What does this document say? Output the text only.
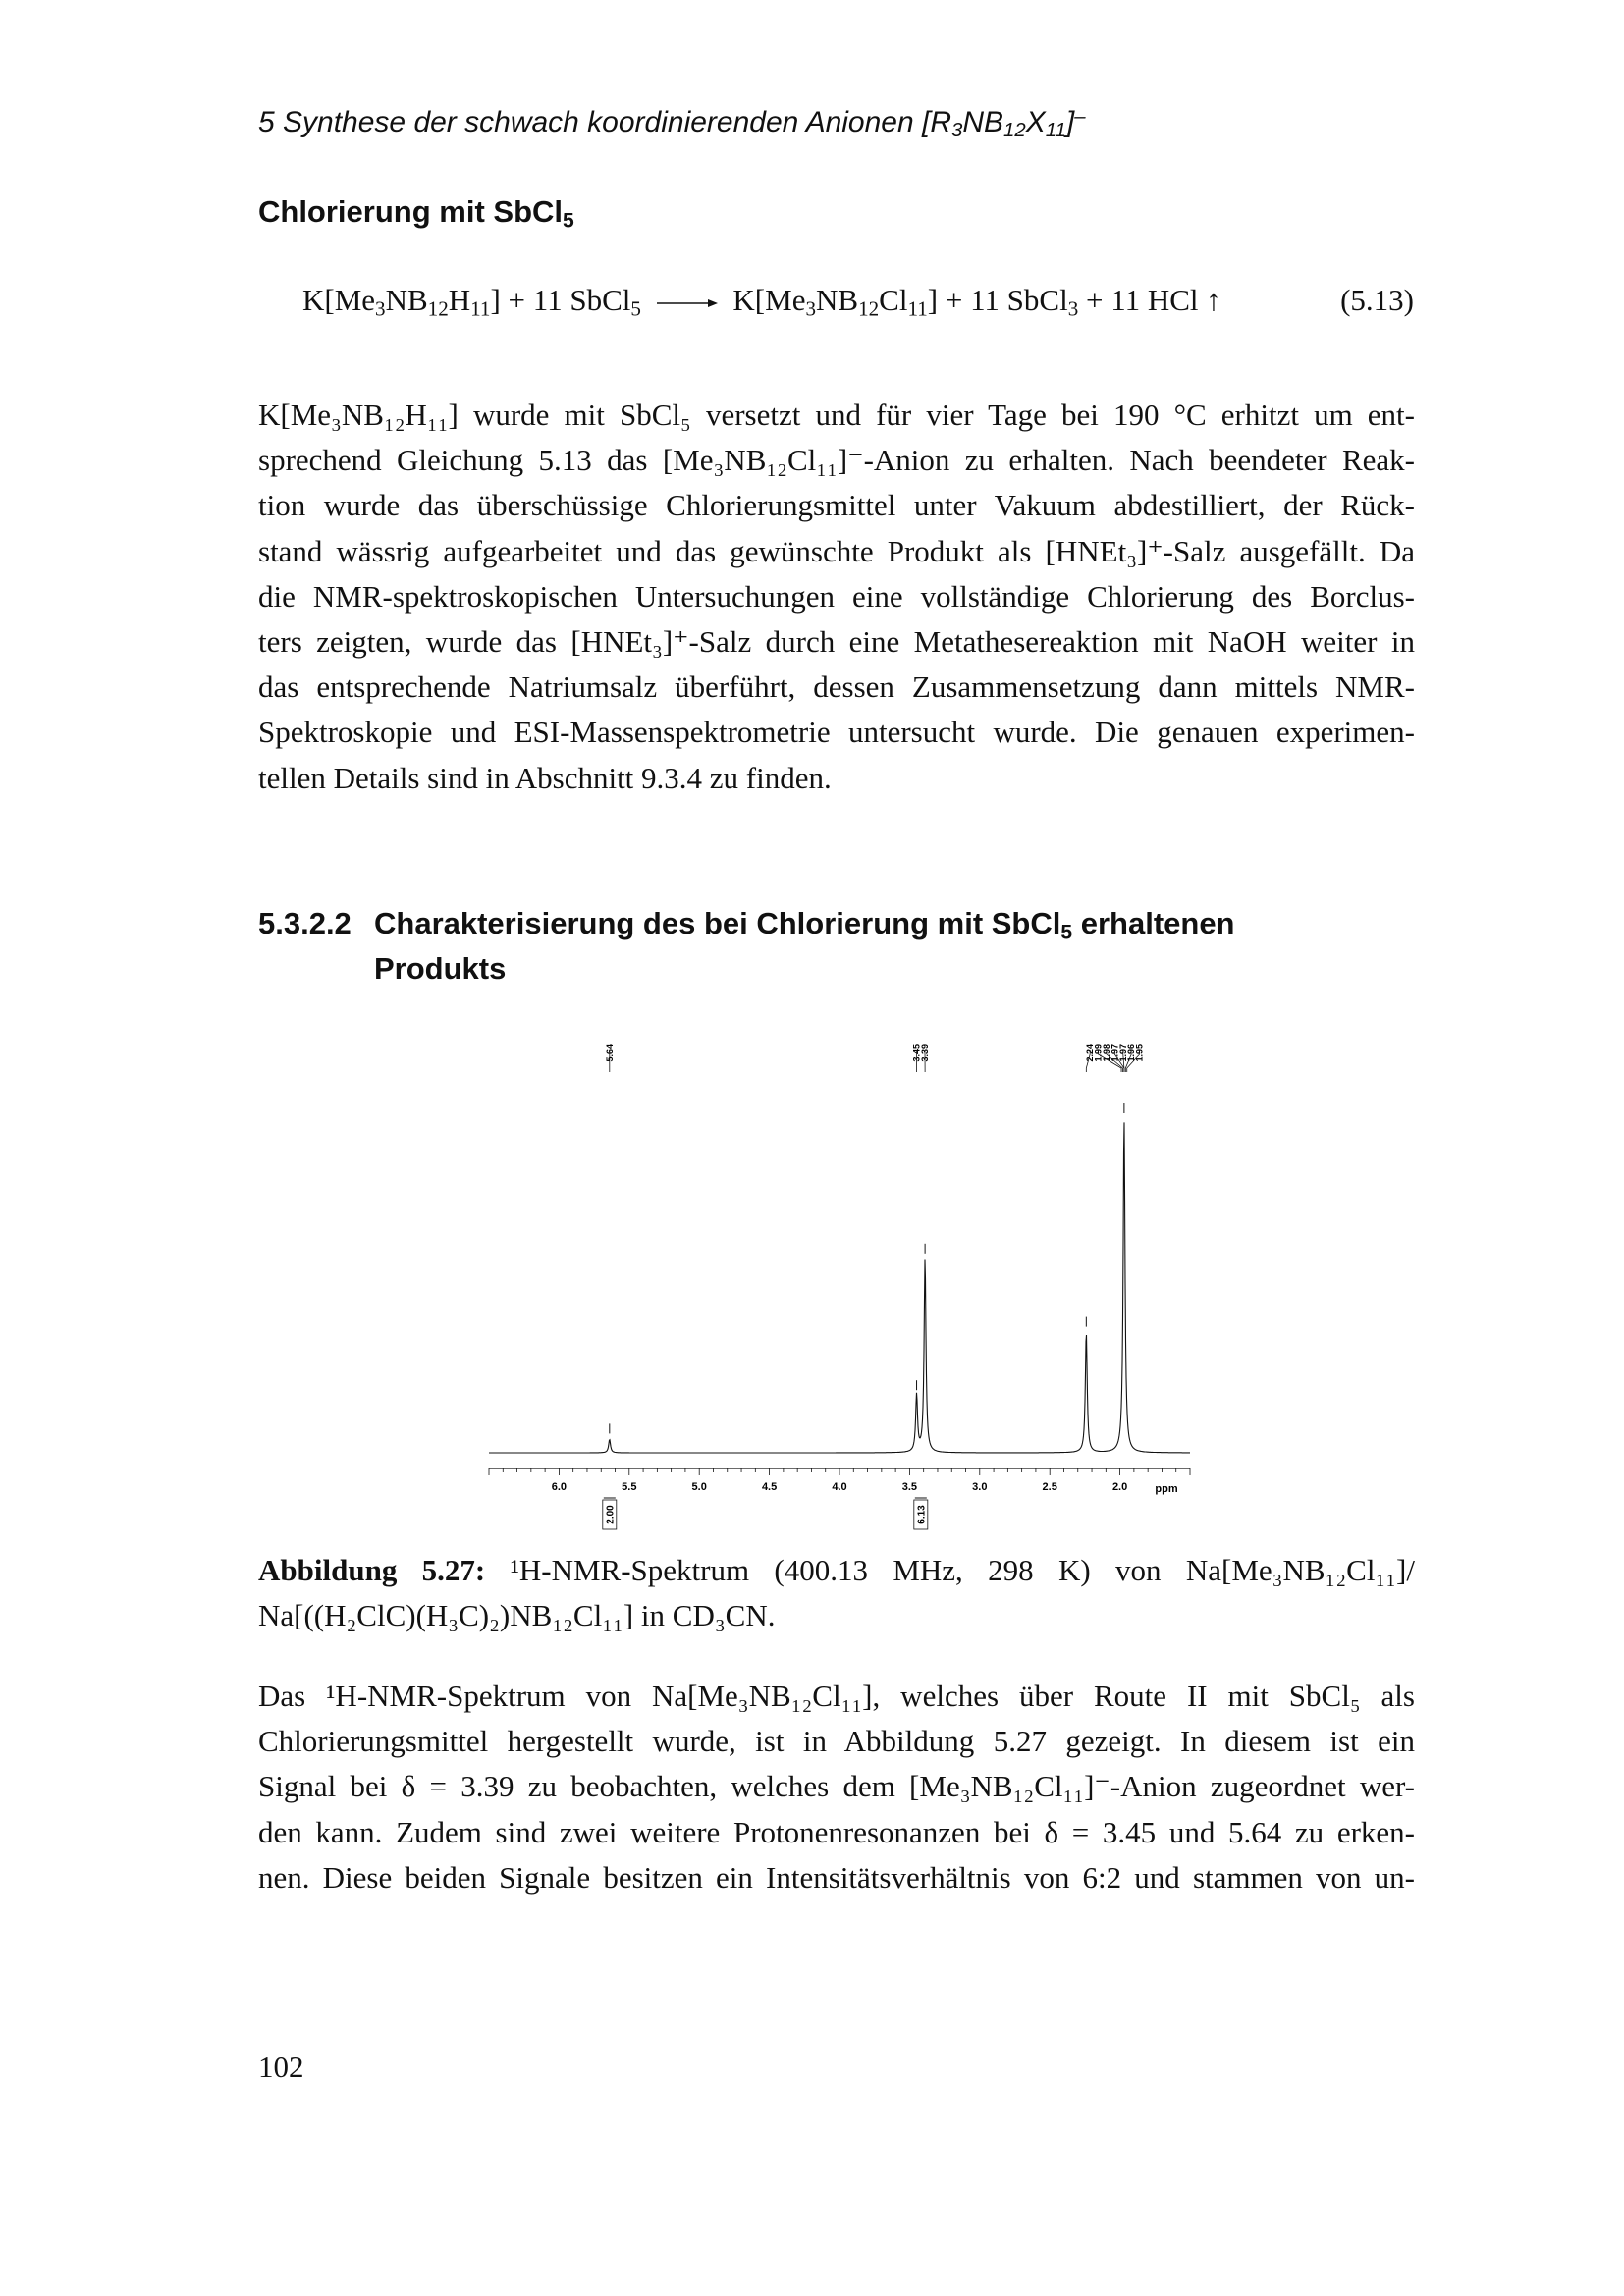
5 Synthese der schwach koordinierenden Anionen $[R_3NB_{12}X_{11}]^-$
Chlorierung mit SbCl$_5$
$K[Me_3NB_{12}H_{11}] + 11$ SbCl$_5$ → $K[Me_3NB_{12}Cl_{11}] + 11$ SbCl$_3$ + 11 HCl ↑	(5.13)
K[Me₃NB₁₂H₁₁] wurde mit SbCl₅ versetzt und für vier Tage bei 190 °C erhitzt um ent-
sprechend Gleichung 5.13 das [Me₃NB₁₂Cl₁₁]⁻-Anion zu erhalten. Nach beendeter Reak-
tion wurde das überschüssige Chlorierungsmittel unter Vakuum abdestilliert, der Rück-
stand wässrig aufgearbeitet und das gewünschte Produkt als [HNEt₃]⁺-Salz ausgefällt. Da
die NMR-spektroskopischen Untersuchungen eine vollständige Chlorierung des Borclus-
ters zeigten, wurde das [HNEt₃]⁺-Salz durch eine Metathesereaktion mit NaOH weiter in
das entsprechende Natriumsalz überführt, dessen Zusammensetzung dann mittels NMR-
Spektroskopie und ESI-Massenspektrometrie untersucht wurde. Die genauen experimen-
tellen Details sind in Abschnitt 9.3.4 zu finden.
5.3.2.2 Charakterisierung des bei Chlorierung mit SbCl$_5$ erhaltenen
Produkts
5.64	3.45
3.39	2.24
1.99
1.98
1.97
1.97
1.96
1.95
6.0	5.5	5.0	4.5	4.0	3.5	3.0	2.5	2.0	ppm
2.00	6.13
Abbildung 5.27: ¹H-NMR-Spektrum (400.13 MHz, 298 K) von Na[Me₃NB₁₂Cl₁₁]/
Na[((H₂ClC)(H₃C)₂)NB₁₂Cl₁₁] in CD₃CN.
Das ¹H-NMR-Spektrum von Na[Me₃NB₁₂Cl₁₁], welches über Route II mit SbCl₅ als
Chlorierungsmittel hergestellt wurde, ist in Abbildung 5.27 gezeigt. In diesem ist ein
Signal bei δ = 3.39 zu beobachten, welches dem [Me₃NB₁₂Cl₁₁]⁻-Anion zugeordnet wer-
den kann. Zudem sind zwei weitere Protonenresonanzen bei δ = 3.45 und 5.64 zu erken-
nen. Diese beiden Signale besitzen ein Intensitätsverhältnis von 6:2 und stammen von un-
102
